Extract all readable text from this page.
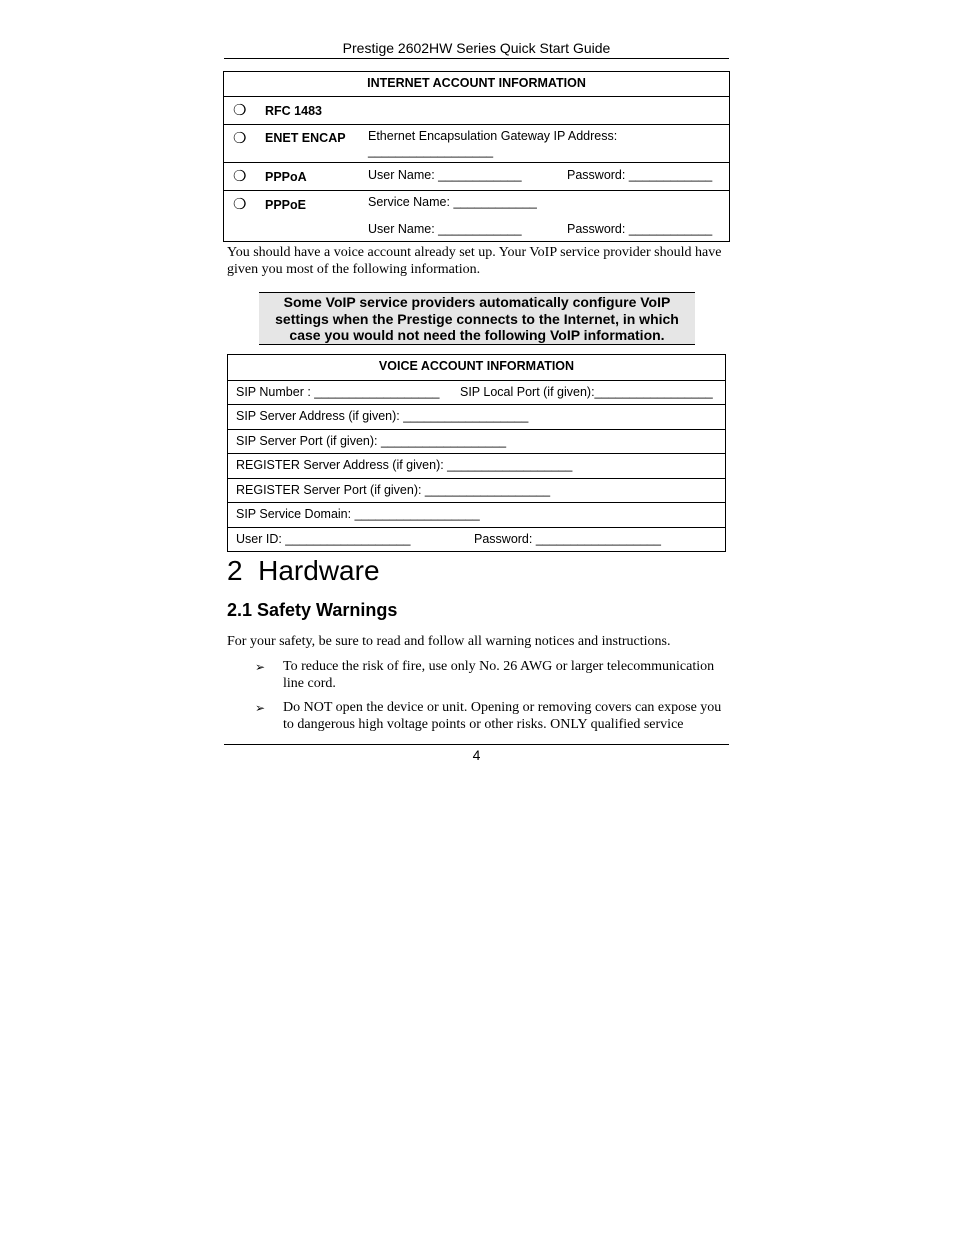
Prestige 2602HW Series Quick Start Guide
INTERNET ACCOUNT INFORMATION
❍ RFC 1483
❍ ENET ENCAP Ethernet Encapsulation Gateway IP Address:
__________________
❍ PPPoA	User Name: ____________	Password: ____________
❍ PPPoE	Service Name: ____________
User Name: ____________	Password: ____________
You should have a voice account already set up. Your VoIP service provider should have given you most of the following information.
Some VoIP service providers automatically configure VoIP settings when the Prestige connects to the Internet, in which case you would not need the following VoIP information.
VOICE ACCOUNT INFORMATION
SIP Number : __________________ SIP Local Port (if given):_________________
SIP Server Address (if given): __________________
SIP Server Port (if given): __________________
REGISTER Server Address (if given): __________________
REGISTER Server Port (if given): __________________
SIP Service Domain: __________________
User ID: __________________	Password: __________________
2  Hardware
2.1 Safety Warnings
For your safety, be sure to read and follow all warning notices and instructions.
➢ To reduce the risk of fire, use only No. 26 AWG or larger telecommunication line cord.
➢ Do NOT open the device or unit. Opening or removing covers can expose you to dangerous high voltage points or other risks. ONLY qualified service
4
